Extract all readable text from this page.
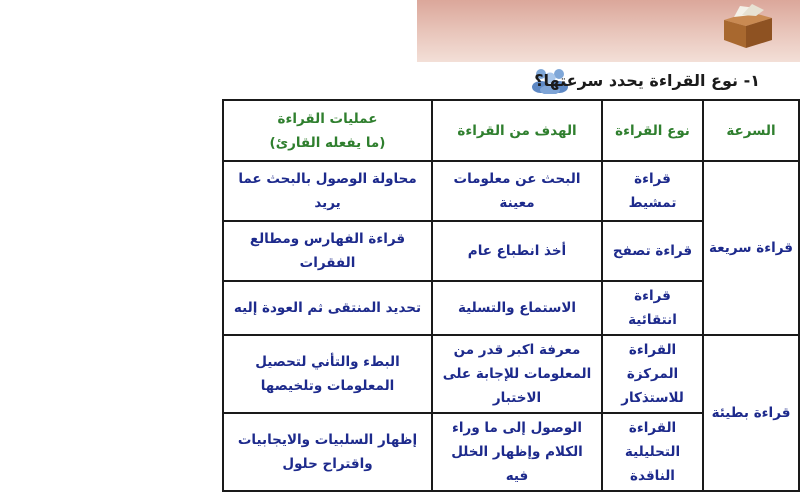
١- نوع القراءة يحدد سرعتها؟
السرعة	نوع القراءة	الهدف من القراءة	عمليات القراءة
(ما يفعله القارئ)

قراءة سريعة	قراءة تمشيط	البحث عن معلومات معينة	محاولة الوصول بالبحث عما يريد
	قراءة تصفح	أخذ انطباع عام	قراءة الفهارس ومطالع الفقرات
	قراءة انتقائية	الاستماع والتسلية	تحديد المنتقى ثم العودة إليه
قراءة بطيئة	القراءة المركزة للاستذكار	معرفة اكبر قدر من المعلومات للإجابة على الاختبار	البطء والتأني لتحصيل المعلومات وتلخيصها
	القراءة التحليلية الناقدة	الوصول إلى ما وراء الكلام وإظهار الخلل فيه	إظهار السلبيات والايجابيات واقتراح حلول
